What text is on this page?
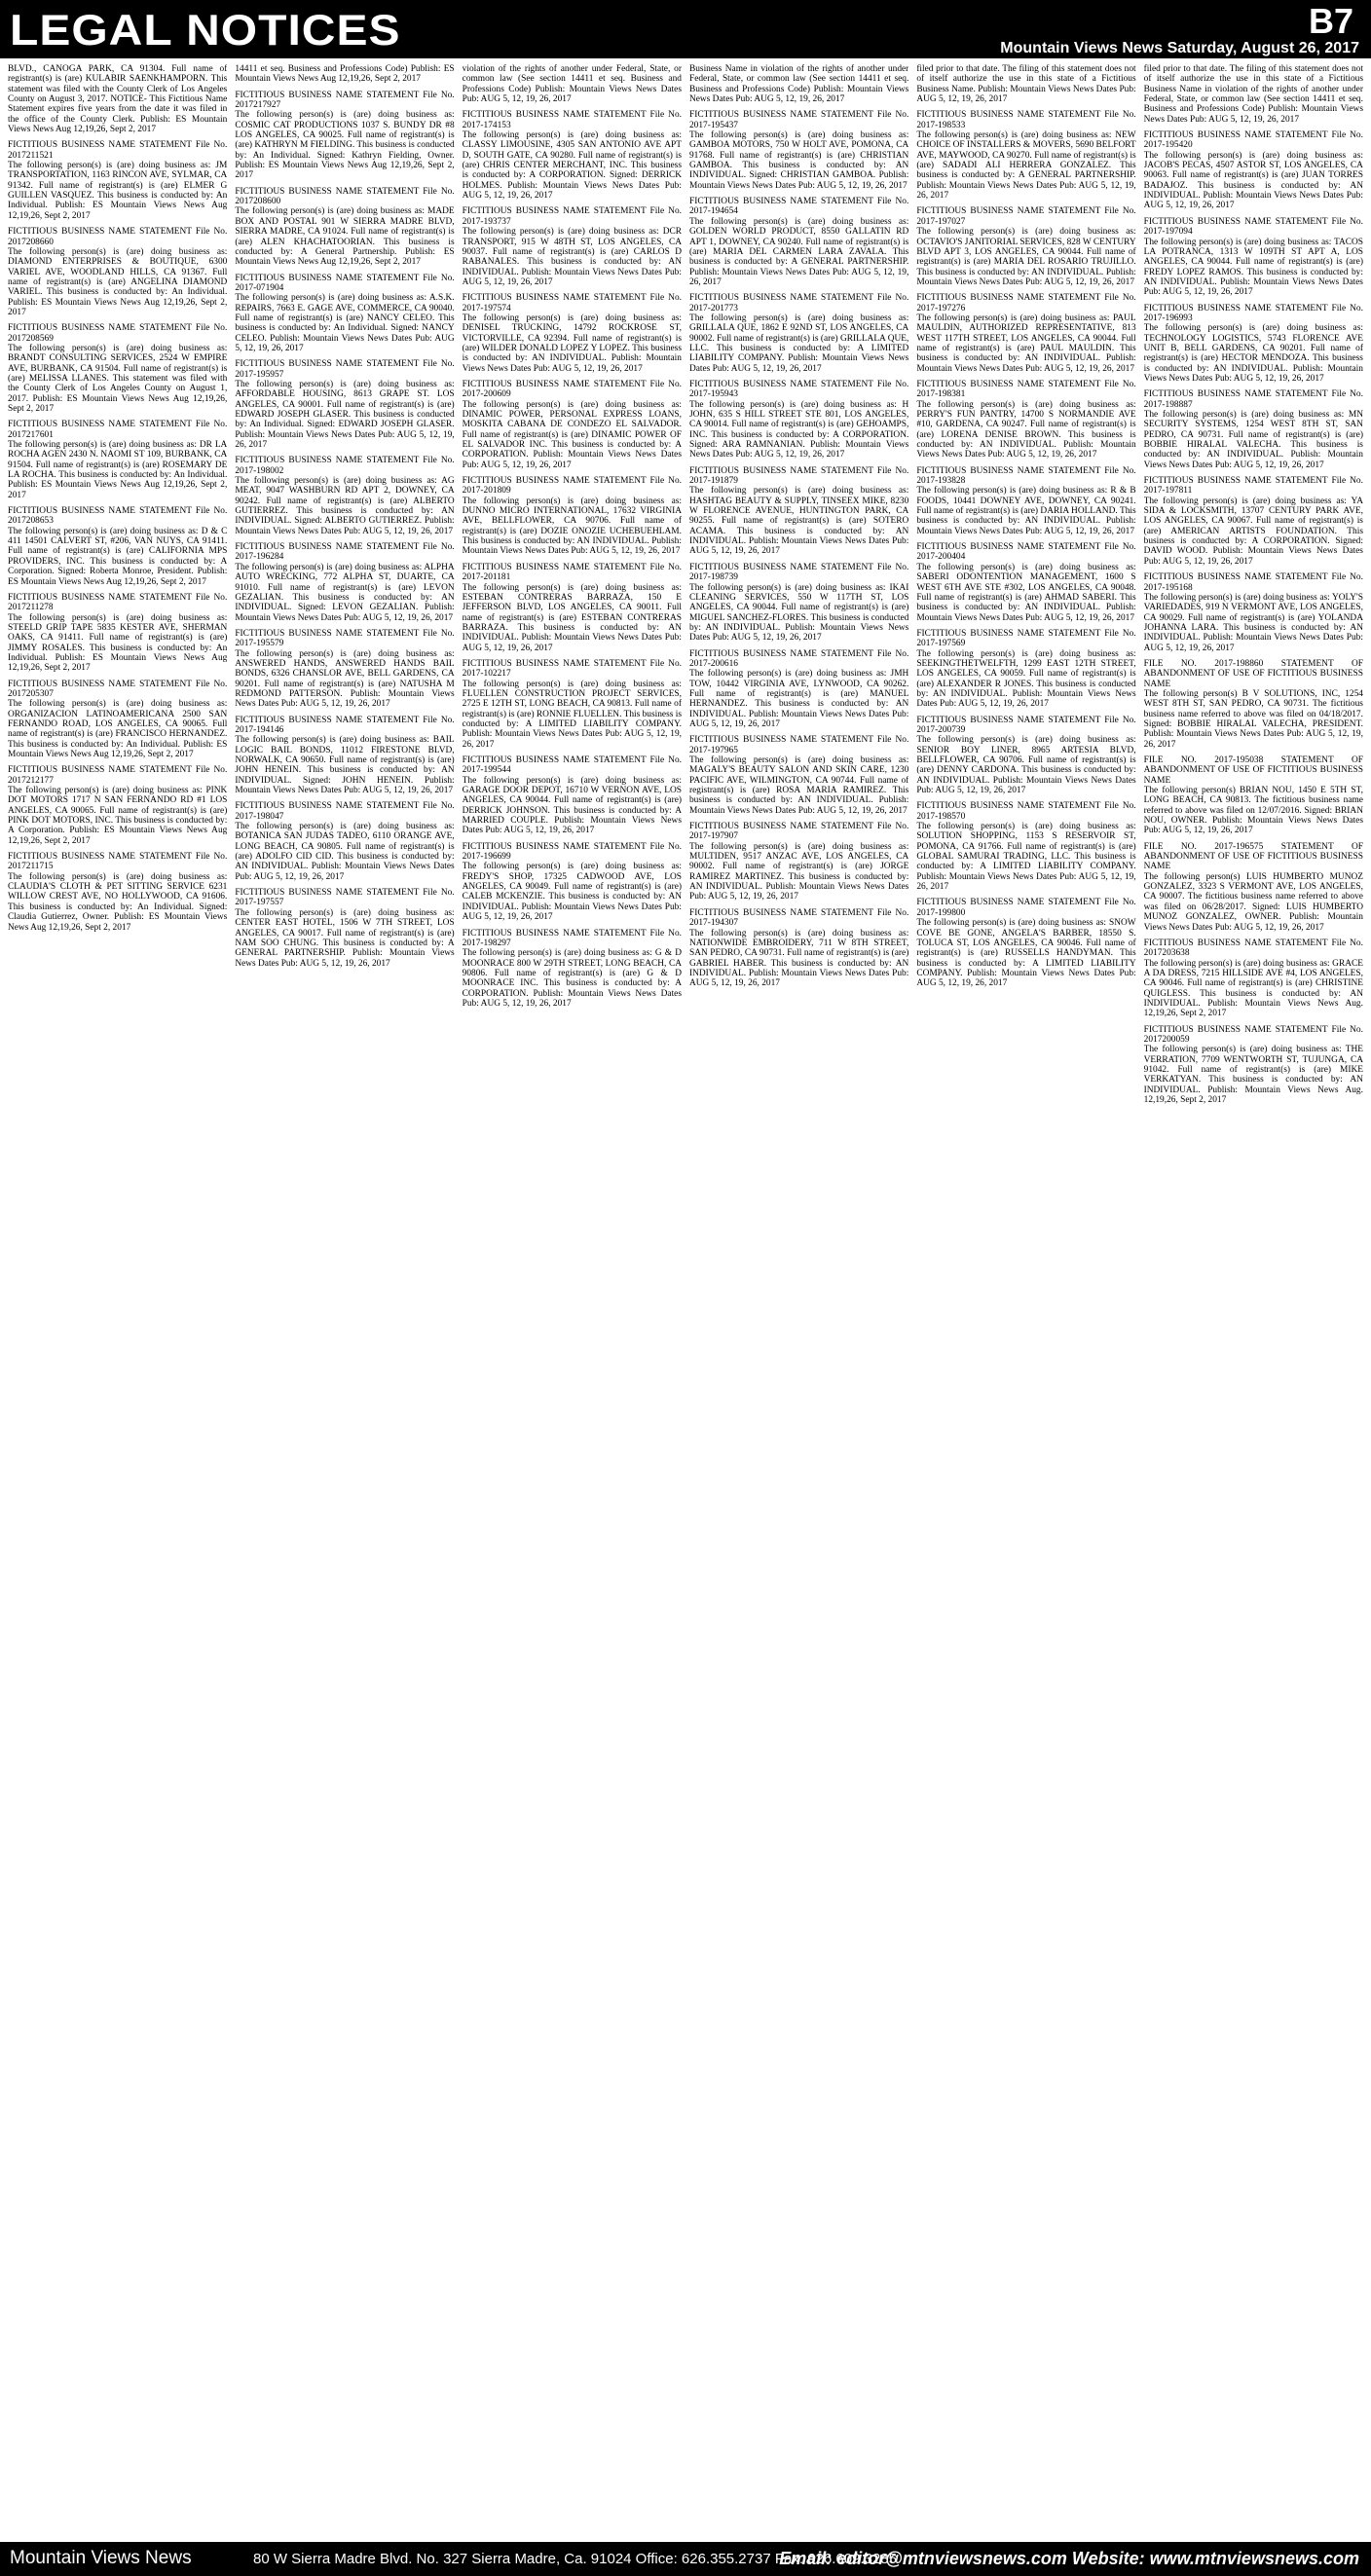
LEGAL NOTICES	B7
Mountain Views News Saturday, August 26, 2017
BLVD., CANOGA PARK, CA 91304. Full name of registrant(s) is (are) KULABIR SAENKHAMPORN. This statement was filed with the County Clerk of Los Angeles County on August 3, 2017. NOTICE- This Fictitious Name Statement expires five years from the date it was filed in the office of the County Clerk. Publish: ES Mountain Views News Aug 12,19,26, Sept 2, 2017
FICTITIOUS BUSINESS NAME STATEMENT File No. 2017211521
The following person(s) is (are) doing business as: JM TRANSPORTATION, 1163 RINCON AVE, SYLMAR, CA 91342. Full name of registrant(s) is (are) ELMER G GUILLEN VASQUEZ. This business is conducted by: An Individual. Publish: ES Mountain Views News Aug 12,19,26, Sept 2, 2017
FICTITIOUS BUSINESS NAME STATEMENT File No. 2017208660
The following person(s) is (are) doing business as: DIAMOND ENTERPRISES & BOUTIQUE, 6300 VARIEL AVE, WOODLAND HILLS, CA 91367. Full name of registrant(s) is (are) ANGELINA DIAMOND VARIEL. This business is conducted by: An Individual. Publish: ES Mountain Views News Aug 12,19,26, Sept 2, 2017
FICTITIOUS BUSINESS NAME STATEMENT File No. 2017208569
The following person(s) is (are) doing business as: BRANDT CONSULTING SERVICES, 2524 W EMPIRE AVE, BURBANK, CA 91504. Full name of registrant(s) is (are) MELISSA LLANES. This statement was filed with the County Clerk of Los Angeles County on August 1, 2017. Publish: ES Mountain Views News Aug 12,19,26, Sept 2, 2017
FICTITIOUS BUSINESS NAME STATEMENT File No. 2017217601
The following person(s) is (are) doing business as: DR LA ROCHA AGEN 2430 N. NAOMI ST 109, BURBANK, CA 91504. Full name of registrant(s) is (are) ROSEMARY DE LA ROCHA. This business is conducted by: An Individual. Publish: ES Mountain Views News Aug 12,19,26, Sept 2, 2017
FICTITIOUS BUSINESS NAME STATEMENT File No. 2017208653
The following person(s) is (are) doing business as: D & C 411 14501 CALVERT ST, #206, VAN NUYS, CA 91411. Full name of registrant(s) is (are) CALIFORNIA MPS PROVIDERS, INC. This business is conducted by: A Corporation. Signed: Roberta Monroe, President. Publish: ES Mountain Views News Aug 12,19,26, Sept 2, 2017
FICTITIOUS BUSINESS NAME STATEMENT File No. 2017211278
The following person(s) is (are) doing business as: STEELD GRIP TAPE 5835 KESTER AVE, SHERMAN OAKS, CA 91411. Full name of registrant(s) is (are) JIMMY ROSALES. This business is conducted by: An Individual. Publish: ES Mountain Views News Aug 12,19,26, Sept 2, 2017
FICTITIOUS BUSINESS NAME STATEMENT File No. 2017205307
The following person(s) is (are) doing business as: ORGANIZACION LATINOAMERICANA 2500 SAN FERNANDO ROAD, LOS ANGELES, CA 90065. Full name of registrant(s) is (are) FRANCISCO HERNANDEZ. This business is conducted by: An Individual. Publish: ES Mountain Views News Aug 12,19,26, Sept 2, 2017
FICTITIOUS BUSINESS NAME STATEMENT File No. 2017212177
The following person(s) is (are) doing business as: PINK DOT MOTORS 1717 N SAN FERNANDO RD #1 LOS ANGELES, CA 90065. Full name of registrant(s) is (are) PINK DOT MOTORS, INC. This business is conducted by: A Corporation. Publish: ES Mountain Views News Aug 12,19,26, Sept 2, 2017
FICTITIOUS BUSINESS NAME STATEMENT File No. 2017211715
The following person(s) is (are) doing business as: CLAUDIA'S CLOTH & PET SITTING SERVICE 6231 WILLOW CREST AVE, NO HOLLYWOOD, CA 91606. This business is conducted by: An Individual. Signed: Claudia Gutierrez, Owner. Publish: ES Mountain Views News Aug 12,19,26, Sept 2, 2017
14411 et seq. Business and Professions Code) Publish: ES Mountain Views News Aug 12,19,26, Sept 2, 2017
FICTITIOUS BUSINESS NAME STATEMENT File No. 2017217927
The following person(s) is (are) doing business as: COSMIC CAT PRODUCTIONS 1037 S. BUNDY DR #8 LOS ANGELES, CA 90025. Full name of registrant(s) is (are) KATHRYN M FIELDING. This business is conducted by: An Individual. Signed: Kathryn Fielding, Owner. Publish: ES Mountain Views News Aug 12,19,26, Sept 2, 2017
FICTITIOUS BUSINESS NAME STATEMENT File No. 2017208600
The following person(s) is (are) doing business as: MADE BOX AND POSTAL 901 W SIERRA MADRE BLVD, SIERRA MADRE, CA 91024. Full name of registrant(s) is (are) ALEN KHACHATOORIAN. This business is conducted by: A General Partnership. Publish: ES Mountain Views News Aug 12,19,26, Sept 2, 2017
FICTITIOUS BUSINESS NAME STATEMENT File No. 2017-071904
The following person(s) is (are) doing business as: A.S.K. REPAIRS, 7663 E. GAGE AVE, COMMERCE, CA 90040. Full name of registrant(s) is (are) NANCY CELEO. This business is conducted by: An Individual. Signed: NANCY CELEO. Publish: Mountain Views News Dates Pub: AUG 5, 12, 19, 26, 2017
FICTITIOUS BUSINESS NAME STATEMENT File No. 2017-195957
The following person(s) is (are) doing business as: AFFORDABLE HOUSING, 8613 GRAPE ST. LOS ANGELES, CA 90001. Full name of registrant(s) is (are) EDWARD JOSEPH GLASER. This business is conducted by: An Individual. Signed: EDWARD JOSEPH GLASER. Publish: Mountain Views News Dates Pub: AUG 5, 12, 19, 26, 2017
FICTITIOUS BUSINESS NAME STATEMENT File No. 2017-198002
The following person(s) is (are) doing business as: AG MEAT, 9047 WASHBURN RD APT 2, DOWNEY, CA 90242. Full name of registrant(s) is (are) ALBERTO GUTIERREZ. This business is conducted by: AN INDIVIDUAL. Signed: ALBERTO GUTIERREZ. Publish: Mountain Views News Dates Pub: AUG 5, 12, 19, 26, 2017
FICTITIOUS BUSINESS NAME STATEMENT File No. 2017-196284
The following person(s) is (are) doing business as: ALPHA AUTO WRECKING, 772 ALPHA ST, DUARTE, CA 91010. Full name of registrant(s) is (are) LEVON GEZALIAN. This business is conducted by: AN INDIVIDUAL. Signed: LEVON GEZALIAN. Publish: Mountain Views News Dates Pub: AUG 5, 12, 19, 26, 2017
FICTITIOUS BUSINESS NAME STATEMENT File No. 2017-195579
The following person(s) is (are) doing business as: ANSWERED HANDS, ANSWERED HANDS BAIL BONDS, 6326 CHANSLOR AVE, BELL GARDENS, CA 90201. Full name of registrant(s) is (are) NATUSHA M REDMOND PATTERSON. Publish: Mountain Views News Dates Pub: AUG 5, 12, 19, 26, 2017
FICTITIOUS BUSINESS NAME STATEMENT File No. 2017-194146
The following person(s) is (are) doing business as: BAIL LOGIC BAIL BONDS, 11012 FIRESTONE BLVD, NORWALK, CA 90650. Full name of registrant(s) is (are) JOHN HENEIN. This business is conducted by: AN INDIVIDUAL. Signed: JOHN HENEIN. Publish: Mountain Views News Dates Pub: AUG 5, 12, 19, 26, 2017
FICTITIOUS BUSINESS NAME STATEMENT File No. 2017-198047
The following person(s) is (are) doing business as: BOTANICA SAN JUDAS TADEO, 6110 ORANGE AVE, LONG BEACH, CA 90805. Full name of registrant(s) is (are) ADOLFO CID CID. This business is conducted by: AN INDIVIDUAL. Publish: Mountain Views News Dates Pub: AUG 5, 12, 19, 26, 2017
FICTITIOUS BUSINESS NAME STATEMENT File No. 2017-197557
The following person(s) is (are) doing business as: CENTER EAST HOTEL, 1506 W 7TH STREET, LOS ANGELES, CA 90017. Full name of registrant(s) is (are) NAM SOO CHUNG. This business is conducted by: A GENERAL PARTNERSHIP. Publish: Mountain Views News Dates Pub: AUG 5, 12, 19, 26, 2017
violation of the rights of another under Federal, State, or common law (See section 14411 et seq. Business and Professions Code) Publish: Mountain Views News Dates Pub: AUG 5, 12, 19, 26, 2017
FICTITIOUS BUSINESS NAME STATEMENT File No. 2017-174153
The following person(s) is (are) doing business as: CLASSY LIMOUSINE, 4305 SAN ANTONIO AVE APT D, SOUTH GATE, CA 90280. Full name of registrant(s) is (are) CHRIS CENTER MERCHANT, INC. This business is conducted by: A CORPORATION. Signed: DERRICK HOLMES. Publish: Mountain Views News Dates Pub: AUG 5, 12, 19, 26, 2017
FICTITIOUS BUSINESS NAME STATEMENT File No. 2017-193737
The following person(s) is (are) doing business as: DCR TRANSPORT, 915 W 48TH ST, LOS ANGELES, CA 90037. Full name of registrant(s) is (are) CARLOS D RABANALES. This business is conducted by: AN INDIVIDUAL. Publish: Mountain Views News Dates Pub: AUG 5, 12, 19, 26, 2017
FICTITIOUS BUSINESS NAME STATEMENT File No. 2017-197574
The following person(s) is (are) doing business as: DENISEL TRUCKING, 14792 ROCKROSE ST, VICTORVILLE, CA 92394. Full name of registrant(s) is (are) WILDER DONALD LOPEZ Y LOPEZ. This business is conducted by: AN INDIVIDUAL. Publish: Mountain Views News Dates Pub: AUG 5, 12, 19, 26, 2017
FICTITIOUS BUSINESS NAME STATEMENT File No. 2017-200609
The following person(s) is (are) doing business as: DINAMIC POWER, PERSONAL EXPRESS LOANS, MOSKITA CABANA DE CONDEZO EL SALVADOR. Full name of registrant(s) is (are) DINAMIC POWER OF EL SALVADOR INC. This business is conducted by: A CORPORATION. Publish: Mountain Views News Dates Pub: AUG 5, 12, 19, 26, 2017
FICTITIOUS BUSINESS NAME STATEMENT File No. 2017-201809
The following person(s) is (are) doing business as: DUNNO MICRO INTERNATIONAL, 17632 VIRGINIA AVE, BELLFLOWER, CA 90706. Full name of registrant(s) is (are) DOZIE ONOZIE UCHEBUEHLAM. This business is conducted by: AN INDIVIDUAL. Publish: Mountain Views News Dates Pub: AUG 5, 12, 19, 26, 2017
FICTITIOUS BUSINESS NAME STATEMENT File No. 2017-201181
The following person(s) is (are) doing business as: ESTEBAN CONTRERAS BARRAZA, 150 E JEFFERSON BLVD, LOS ANGELES, CA 90011. Full name of registrant(s) is (are) ESTEBAN CONTRERAS BARRAZA. This business is conducted by: AN INDIVIDUAL. Publish: Mountain Views News Dates Pub: AUG 5, 12, 19, 26, 2017
FICTITIOUS BUSINESS NAME STATEMENT File No. 2017-102217
The following person(s) is (are) doing business as: FLUELLEN CONSTRUCTION PROJECT SERVICES, 2725 E 12TH ST, LONG BEACH, CA 90813. Full name of registrant(s) is (are) RONNIE FLUELLEN. This business is conducted by: A LIMITED LIABILITY COMPANY. Publish: Mountain Views News Dates Pub: AUG 5, 12, 19, 26, 2017
FICTITIOUS BUSINESS NAME STATEMENT File No. 2017-199544
The following person(s) is (are) doing business as: GARAGE DOOR DEPOT, 16710 W VERNON AVE, LOS ANGELES, CA 90044. Full name of registrant(s) is (are) DERRICK JOHNSON. This business is conducted by: A MARRIED COUPLE. Publish: Mountain Views News Dates Pub: AUG 5, 12, 19, 26, 2017
FICTITIOUS BUSINESS NAME STATEMENT File No. 2017-196699
The following person(s) is (are) doing business as: FREDY'S SHOP, 17325 CADWOOD AVE, LOS ANGELES, CA 90049. Full name of registrant(s) is (are) CALEB MCKENZIE. This business is conducted by: AN INDIVIDUAL. Publish: Mountain Views News Dates Pub: AUG 5, 12, 19, 26, 2017
FICTITIOUS BUSINESS NAME STATEMENT File No. 2017-198297
The following person(s) is (are) doing business as: G & D MOONRACE 800 W 29TH STREET, LONG BEACH, CA 90806. Full name of registrant(s) is (are) G & D MOONRACE INC. This business is conducted by: A CORPORATION. Publish: Mountain Views News Dates Pub: AUG 5, 12, 19, 26, 2017
Business Name in violation of the rights of another under Federal, State, or common law (See section 14411 et seq. Business and Professions Code) Publish: Mountain Views News Dates Pub: AUG 5, 12, 19, 26, 2017
FICTITIOUS BUSINESS NAME STATEMENT File No. 2017-195437
The following person(s) is (are) doing business as: GAMBOA MOTORS, 750 W HOLT AVE, POMONA, CA 91768. Full name of registrant(s) is (are) CHRISTIAN GAMBOA. This business is conducted by: AN INDIVIDUAL. Signed: CHRISTIAN GAMBOA. Publish: Mountain Views News Dates Pub: AUG 5, 12, 19, 26, 2017
FICTITIOUS BUSINESS NAME STATEMENT File No. 2017-194654
The following person(s) is (are) doing business as: GOLDEN WORLD PRODUCT, 8550 GALLATIN RD APT 1, DOWNEY, CA 90240. Full name of registrant(s) is (are) MARIA DEL CARMEN LARA ZAVALA. This business is conducted by: A GENERAL PARTNERSHIP. Publish: Mountain Views News Dates Pub: AUG 5, 12, 19, 26, 2017
FICTITIOUS BUSINESS NAME STATEMENT File No. 2017-201773
The following person(s) is (are) doing business as: GRILLALA QUE, 1862 E 92ND ST, LOS ANGELES, CA 90002. Full name of registrant(s) is (are) GRILLALA QUE, LLC. This business is conducted by: A LIMITED LIABILITY COMPANY. Publish: Mountain Views News Dates Pub: AUG 5, 12, 19, 26, 2017
FICTITIOUS BUSINESS NAME STATEMENT File No. 2017-195943
The following person(s) is (are) doing business as: H JOHN, 635 S HILL STREET STE 801, LOS ANGELES, CA 90014. Full name of registrant(s) is (are) GEHOAMPS, INC. This business is conducted by: A CORPORATION. Signed: ARA RAMNANIAN. Publish: Mountain Views News Dates Pub: AUG 5, 12, 19, 26, 2017
FICTITIOUS BUSINESS NAME STATEMENT File No. 2017-191879
The following person(s) is (are) doing business as: HASHTAG BEAUTY & SUPPLY, TINSEEX MIKE, 8230 W FLORENCE AVENUE, HUNTINGTON PARK, CA 90255. Full name of registrant(s) is (are) SOTERO ACAMA. This business is conducted by: AN INDIVIDUAL. Publish: Mountain Views News Dates Pub: AUG 5, 12, 19, 26, 2017
FICTITIOUS BUSINESS NAME STATEMENT File No. 2017-198739
The following person(s) is (are) doing business as: IKAI CLEANING SERVICES, 550 W 117TH ST, LOS ANGELES, CA 90044. Full name of registrant(s) is (are) MIGUEL SANCHEZ-FLORES. This business is conducted by: AN INDIVIDUAL. Publish: Mountain Views News Dates Pub: AUG 5, 12, 19, 26, 2017
FICTITIOUS BUSINESS NAME STATEMENT File No. 2017-200616
The following person(s) is (are) doing business as: JMH TOW, 10442 VIRGINIA AVE, LYNWOOD, CA 90262. Full name of registrant(s) is (are) MANUEL HERNANDEZ. This business is conducted by: AN INDIVIDUAL. Publish: Mountain Views News Dates Pub: AUG 5, 12, 19, 26, 2017
FICTITIOUS BUSINESS NAME STATEMENT File No. 2017-197965
The following person(s) is (are) doing business as: MAGALY'S BEAUTY SALON AND SKIN CARE, 1230 PACIFIC AVE, WILMINGTON, CA 90744. Full name of registrant(s) is (are) ROSA MARIA RAMIREZ. This business is conducted by: AN INDIVIDUAL. Publish: Mountain Views News Dates Pub: AUG 5, 12, 19, 26, 2017
FICTITIOUS BUSINESS NAME STATEMENT File No. 2017-197907
The following person(s) is (are) doing business as: MULTIDEN, 9517 ANZAC AVE, LOS ANGELES, CA 90002. Full name of registrant(s) is (are) JORGE RAMIREZ MARTINEZ. This business is conducted by: AN INDIVIDUAL. Publish: Mountain Views News Dates Pub: AUG 5, 12, 19, 26, 2017
FICTITIOUS BUSINESS NAME STATEMENT File No. 2017-194307
The following person(s) is (are) doing business as: NATIONWIDE EMBROIDERY, 711 W 8TH STREET, SAN PEDRO, CA 90731. Full name of registrant(s) is (are) GABRIEL HABER. This business is conducted by: AN INDIVIDUAL. Publish: Mountain Views News Dates Pub: AUG 5, 12, 19, 26, 2017
filed prior to that date. The filing of this statement does not of itself authorize the use in this state of a Fictitious Business Name. Publish: Mountain Views News Dates Pub: AUG 5, 12, 19, 26, 2017
FICTITIOUS BUSINESS NAME STATEMENT File No. 2017-198533
The following person(s) is (are) doing business as: NEW CHOICE OF INSTALLERS & MOVERS, 5690 BELFORT AVE, MAYWOOD, CA 90270. Full name of registrant(s) is (are) SADADI ALI HERRERA GONZALEZ. This business is conducted by: A GENERAL PARTNERSHIP. Publish: Mountain Views News Dates Pub: AUG 5, 12, 19, 26, 2017
FICTITIOUS BUSINESS NAME STATEMENT File No. 2017-197027
The following person(s) is (are) doing business as: OCTAVIO'S JANITORIAL SERVICES, 828 W CENTURY BLVD APT 3, LOS ANGELES, CA 90044. Full name of registrant(s) is (are) MARIA DEL ROSARIO TRUJILLO. This business is conducted by: AN INDIVIDUAL. Publish: Mountain Views News Dates Pub: AUG 5, 12, 19, 26, 2017
FICTITIOUS BUSINESS NAME STATEMENT File No. 2017-197276
The following person(s) is (are) doing business as: PAUL MAULDIN, AUTHORIZED REPRESENTATIVE, 813 WEST 117TH STREET, LOS ANGELES, CA 90044. Full name of registrant(s) is (are) PAUL MAULDIN. This business is conducted by: AN INDIVIDUAL. Publish: Mountain Views News Dates Pub: AUG 5, 12, 19, 26, 2017
FICTITIOUS BUSINESS NAME STATEMENT File No. 2017-198381
The following person(s) is (are) doing business as: PERRY'S FUN PANTRY, 14700 S NORMANDIE AVE #10, GARDENA, CA 90247. Full name of registrant(s) is (are) LORENA DENISE BROWN. This business is conducted by: AN INDIVIDUAL. Publish: Mountain Views News Dates Pub: AUG 5, 12, 19, 26, 2017
FICTITIOUS BUSINESS NAME STATEMENT File No. 2017-193828
The following person(s) is (are) doing business as: R & B FOODS, 10441 DOWNEY AVE, DOWNEY, CA 90241. Full name of registrant(s) is (are) DARIA HOLLAND. This business is conducted by: AN INDIVIDUAL. Publish: Mountain Views News Dates Pub: AUG 5, 12, 19, 26, 2017
FICTITIOUS BUSINESS NAME STATEMENT File No. 2017-200404
The following person(s) is (are) doing business as: SABERI ODONTENTION MANAGEMENT, 1600 S WEST 6TH AVE STE #302, LOS ANGELES, CA 90048. Full name of registrant(s) is (are) AHMAD SABERI. This business is conducted by: AN INDIVIDUAL. Publish: Mountain Views News Dates Pub: AUG 5, 12, 19, 26, 2017
FICTITIOUS BUSINESS NAME STATEMENT File No. 2017-197569
The following person(s) is (are) doing business as: SEEKINGTHETWELFTH, 1299 EAST 12TH STREET, LOS ANGELES, CA 90059. Full name of registrant(s) is (are) ALEXANDER R JONES. This business is conducted by: AN INDIVIDUAL. Publish: Mountain Views News Dates Pub: AUG 5, 12, 19, 26, 2017
FICTITIOUS BUSINESS NAME STATEMENT File No. 2017-200739
The following person(s) is (are) doing business as: SENIOR BOY LINER, 8965 ARTESIA BLVD, BELLFLOWER, CA 90706. Full name of registrant(s) is (are) DENNY CARDONA. This business is conducted by: AN INDIVIDUAL. Publish: Mountain Views News Dates Pub: AUG 5, 12, 19, 26, 2017
FICTITIOUS BUSINESS NAME STATEMENT File No. 2017-198570
The following person(s) is (are) doing business as: SOLUTION SHOPPING, 1153 S RESERVOIR ST, POMONA, CA 91766. Full name of registrant(s) is (are) GLOBAL SAMURAI TRADING, LLC. This business is conducted by: A LIMITED LIABILITY COMPANY. Publish: Mountain Views News Dates Pub: AUG 5, 12, 19, 26, 2017
FICTITIOUS BUSINESS NAME STATEMENT File No. 2017-199800
The following person(s) is (are) doing business as: SNOW COVE BE GONE, ANGELA'S BARBER, 18550 S. TOLUCA ST, LOS ANGELES, CA 90046. Full name of registrant(s) is (are) RUSSELLS HANDYMAN. This business is conducted by: A LIMITED LIABILITY COMPANY. Publish: Mountain Views News Dates Pub: AUG 5, 12, 19, 26, 2017
filed prior to that date. The filing of this statement does not of itself authorize the use in this state of a Fictitious Business Name in violation of the rights of another under Federal, State, or common law (See section 14411 et seq. Business and Professions Code) Publish: Mountain Views News Dates Pub: AUG 5, 12, 19, 26, 2017
FICTITIOUS BUSINESS NAME STATEMENT File No. 2017-195420
The following person(s) is (are) doing business as: JACOB'S PECAS, 4507 ASTOR ST, LOS ANGELES, CA 90063. Full name of registrant(s) is (are) JUAN TORRES BADAJOZ. This business is conducted by: AN INDIVIDUAL. Publish: Mountain Views News Dates Pub: AUG 5, 12, 19, 26, 2017
FICTITIOUS BUSINESS NAME STATEMENT File No. 2017-197094
The following person(s) is (are) doing business as: TACOS LA POTRANCA, 1313 W 109TH ST APT A, LOS ANGELES, CA 90044. Full name of registrant(s) is (are) FREDY LOPEZ RAMOS. This business is conducted by: AN INDIVIDUAL. Publish: Mountain Views News Dates Pub: AUG 5, 12, 19, 26, 2017
FICTITIOUS BUSINESS NAME STATEMENT File No. 2017-196993
The following person(s) is (are) doing business as: TECHNOLOGY LOGISTICS, 5743 FLORENCE AVE UNIT B, BELL GARDENS, CA 90201. Full name of registrant(s) is (are) HECTOR MENDOZA. This business is conducted by: AN INDIVIDUAL. Publish: Mountain Views News Dates Pub: AUG 5, 12, 19, 26, 2017
FICTITIOUS BUSINESS NAME STATEMENT File No. 2017-198887
The following person(s) is (are) doing business as: MN SECURITY SYSTEMS, 1254 WEST 8TH ST, SAN PEDRO, CA 90731. Full name of registrant(s) is (are) BOBBIE HIRALAL VALECHA. This business is conducted by: AN INDIVIDUAL. Publish: Mountain Views News Dates Pub: AUG 5, 12, 19, 26, 2017
FICTITIOUS BUSINESS NAME STATEMENT File No. 2017-197811
The following person(s) is (are) doing business as: YA SIDA & LOCKSMITH, 13707 CENTURY PARK AVE, LOS ANGELES, CA 90067. Full name of registrant(s) is (are) AMERICAN ARTISTS FOUNDATION. This business is conducted by: A CORPORATION. Signed: DAVID WOOD. Publish: Mountain Views News Dates Pub: AUG 5, 12, 19, 26, 2017
FICTITIOUS BUSINESS NAME STATEMENT File No. 2017-195168
The following person(s) is (are) doing business as: YOLY'S VARIEDADES, 919 N VERMONT AVE, LOS ANGELES, CA 90029. Full name of registrant(s) is (are) YOLANDA JOHANNA LARA. This business is conducted by: AN INDIVIDUAL. Publish: Mountain Views News Dates Pub: AUG 5, 12, 19, 26, 2017
FILE NO. 2017-198860 STATEMENT OF ABANDONMENT OF USE OF FICTITIOUS BUSINESS NAME
The following person(s) B V SOLUTIONS, INC, 1254 WEST 8TH ST, SAN PEDRO, CA 90731. The fictitious business name referred to above was filed on 04/18/2017. Signed: BOBBIE HIRALAL VALECHA, PRESIDENT. Publish: Mountain Views News Dates Pub: AUG 5, 12, 19, 26, 2017
FILE NO. 2017-195038 STATEMENT OF ABANDONMENT OF USE OF FICTITIOUS BUSINESS NAME
The following person(s) BRIAN NOU, 1450 E 5TH ST, LONG BEACH, CA 90813. The fictitious business name referred to above was filed on 12/07/2016. Signed: BRIAN NOU, OWNER. Publish: Mountain Views News Dates Pub: AUG 5, 12, 19, 26, 2017
FILE NO. 2017-196575 STATEMENT OF ABANDONMENT OF USE OF FICTITIOUS BUSINESS NAME
The following person(s) LUIS HUMBERTO MUNOZ GONZALEZ, 3323 S VERMONT AVE, LOS ANGELES, CA 90007. The fictitious business name referred to above was filed on 06/28/2017. Signed: LUIS HUMBERTO MUNOZ GONZALEZ, OWNER. Publish: Mountain Views News Dates Pub: AUG 5, 12, 19, 26, 2017
FICTITIOUS BUSINESS NAME STATEMENT File No. 2017203638
The following person(s) is (are) doing business as: GRACE A DA DRESS, 7215 HILLSIDE AVE #4, LOS ANGELES, CA 90046. Full name of registrant(s) is (are) CHRISTINE QUIGLESS. This business is conducted by: AN INDIVIDUAL. Publish: Mountain Views News Aug. 12,19,26, Sept 2, 2017
FICTITIOUS BUSINESS NAME STATEMENT File No. 2017200059
The following person(s) is (are) doing business as: THE VERRATION, 7709 WENTWORTH ST, TUJUNGA, CA 91042. Full name of registrant(s) is (are) MIKE VERKATYAN. This business is conducted by: AN INDIVIDUAL. Publish: Mountain Views News Aug. 12,19,26, Sept 2, 2017
Mountain Views News	80 W Sierra Madre Blvd. No. 327 Sierra Madre, Ca. 91024 Office: 626.355.2737 Fax: 626.609.3285
Email: editor@mtnviewsnews.com Website: www.mtnviewsnews.com
